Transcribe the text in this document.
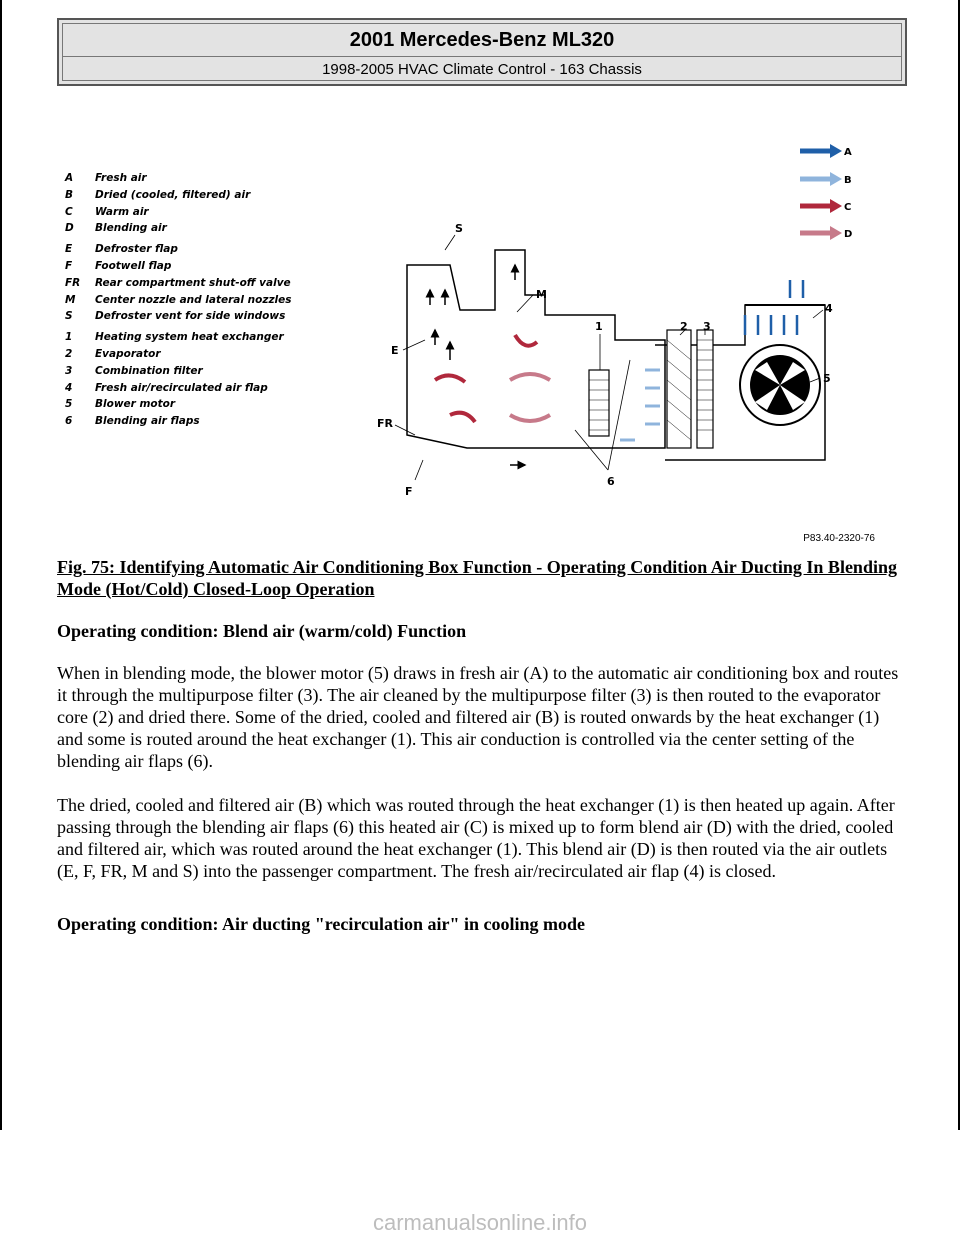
2001 Mercedes-Benz ML320
1998-2005 HVAC Climate Control - 163 Chassis
A	Fresh air
B	Dried (cooled, filtered) air
C	Warm air
D	Blending air
E	Defroster flap
F	Footwell flap
FR	Rear compartment shut-off valve
M	Center nozzle and lateral nozzles
S	Defroster vent for side windows
1	Heating system heat exchanger
2	Evaporator
3	Combination filter
4	Fresh air/recirculated air flap
5	Blower motor
6	Blending air flaps
A
B
C
D
S
M
E
FR
F
1	2 3
4
5
6
P83.40-2320-76
Fig. 75: Identifying Automatic Air Conditioning Box Function - Operating Condition Air Ducting In Blending Mode (Hot/Cold) Closed-Loop Operation
Operating condition: Blend air (warm/cold) Function
When in blending mode, the blower motor (5) draws in fresh air (A) to the automatic air conditioning box and routes it through the multipurpose filter (3). The air cleaned by the multipurpose filter (3) is then routed to the evaporator core (2) and dried there. Some of the dried, cooled and filtered air (B) is routed onwards by the heat exchanger (1) and some is routed around the heat exchanger (1). This air conduction is controlled via the center setting of the blending air flaps (6).
The dried, cooled and filtered air (B) which was routed through the heat exchanger (1) is then heated up again. After passing through the blending air flaps (6) this heated air (C) is mixed up to form blend air (D) with the dried, cooled and filtered air, which was routed around the heat exchanger (1). This blend air (D) is then routed via the air outlets (E, F, FR, M and S) into the passenger compartment. The fresh air/recirculated air flap (4) is closed.
Operating condition: Air ducting "recirculation air" in cooling mode
carmanualsonline.info
